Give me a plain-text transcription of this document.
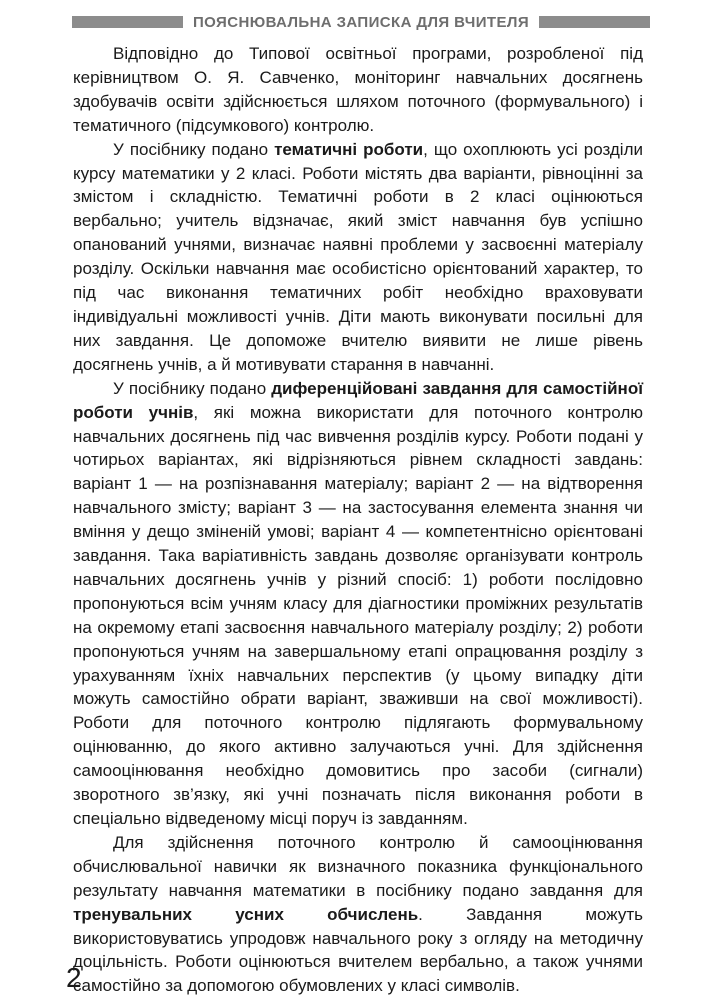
ПОЯСНЮВАЛЬНА ЗАПИСКА ДЛЯ ВЧИТЕЛЯ

Відповідно до Типової освітньої програми, розробленої під керівництвом О. Я. Савченко, моніторинг навчальних досягнень здобувачів освіти здійснюється шляхом поточного (формувального) і тематичного (підсумкового) контролю.

У посібнику подано тематичні роботи, що охоплюють усі розділи курсу математики у 2 класі. Роботи містять два варіанти, рівноцінні за змістом і складністю. Тематичні роботи в 2 класі оцінюються вербально; учитель відзначає, який зміст навчання був успішно опанований учнями, визначає наявні проблеми у засвоєнні матеріалу розділу. Оскільки навчання має особистісно орієнтований характер, то під час виконання тематичних робіт необхідно враховувати індивідуальні можливості учнів. Діти мають виконувати посильні для них завдання. Це допоможе вчителю виявити не лише рівень досягнень учнів, а й мотивувати старання в навчанні.

У посібнику подано диференційовані завдання для самостійної роботи учнів, які можна використати для поточного контролю навчальних досягнень під час вивчення розділів курсу. Роботи подані у чотирьох варіантах, які відрізняються рівнем складності завдань: варіант 1 — на розпізнавання матеріалу; варіант 2 — на відтворення навчального змісту; варіант 3 — на застосування елемента знання чи вміння у дещо зміненій умові; варіант 4 — компетентнісно орієнтовані завдання. Така варіативність завдань дозволяє організувати контроль навчальних досягнень учнів у різний спосіб: 1) роботи послідовно пропонуються всім учням класу для діагностики проміжних результатів на окремому етапі засвоєння навчального матеріалу розділу; 2) роботи пропонуються учням на завершальному етапі опрацювання розділу з урахуванням їхніх навчальних перспектив (у цьому випадку діти можуть самостійно обрати варіант, зваживши на свої можливості). Роботи для поточного контролю підлягають формувальному оцінюванню, до якого активно залучаються учні. Для здійснення самооцінювання необхідно домовитись про засоби (сигнали) зворотного зв’язку, які учні позначать після виконання роботи в спеціально відведеному місці поруч із завданням.

Для здійснення поточного контролю й самооцінювання обчислювальної навички як визначного показника функціонального результату навчання математики в посібнику подано завдання для тренувальних усних обчислень. Завдання можуть використовуватись упродовж навчального року з огляду на методичну доцільність. Роботи оцінюються вчителем вербально, а також учнями самостійно за допомогою обумовлених у класі символів.

2
